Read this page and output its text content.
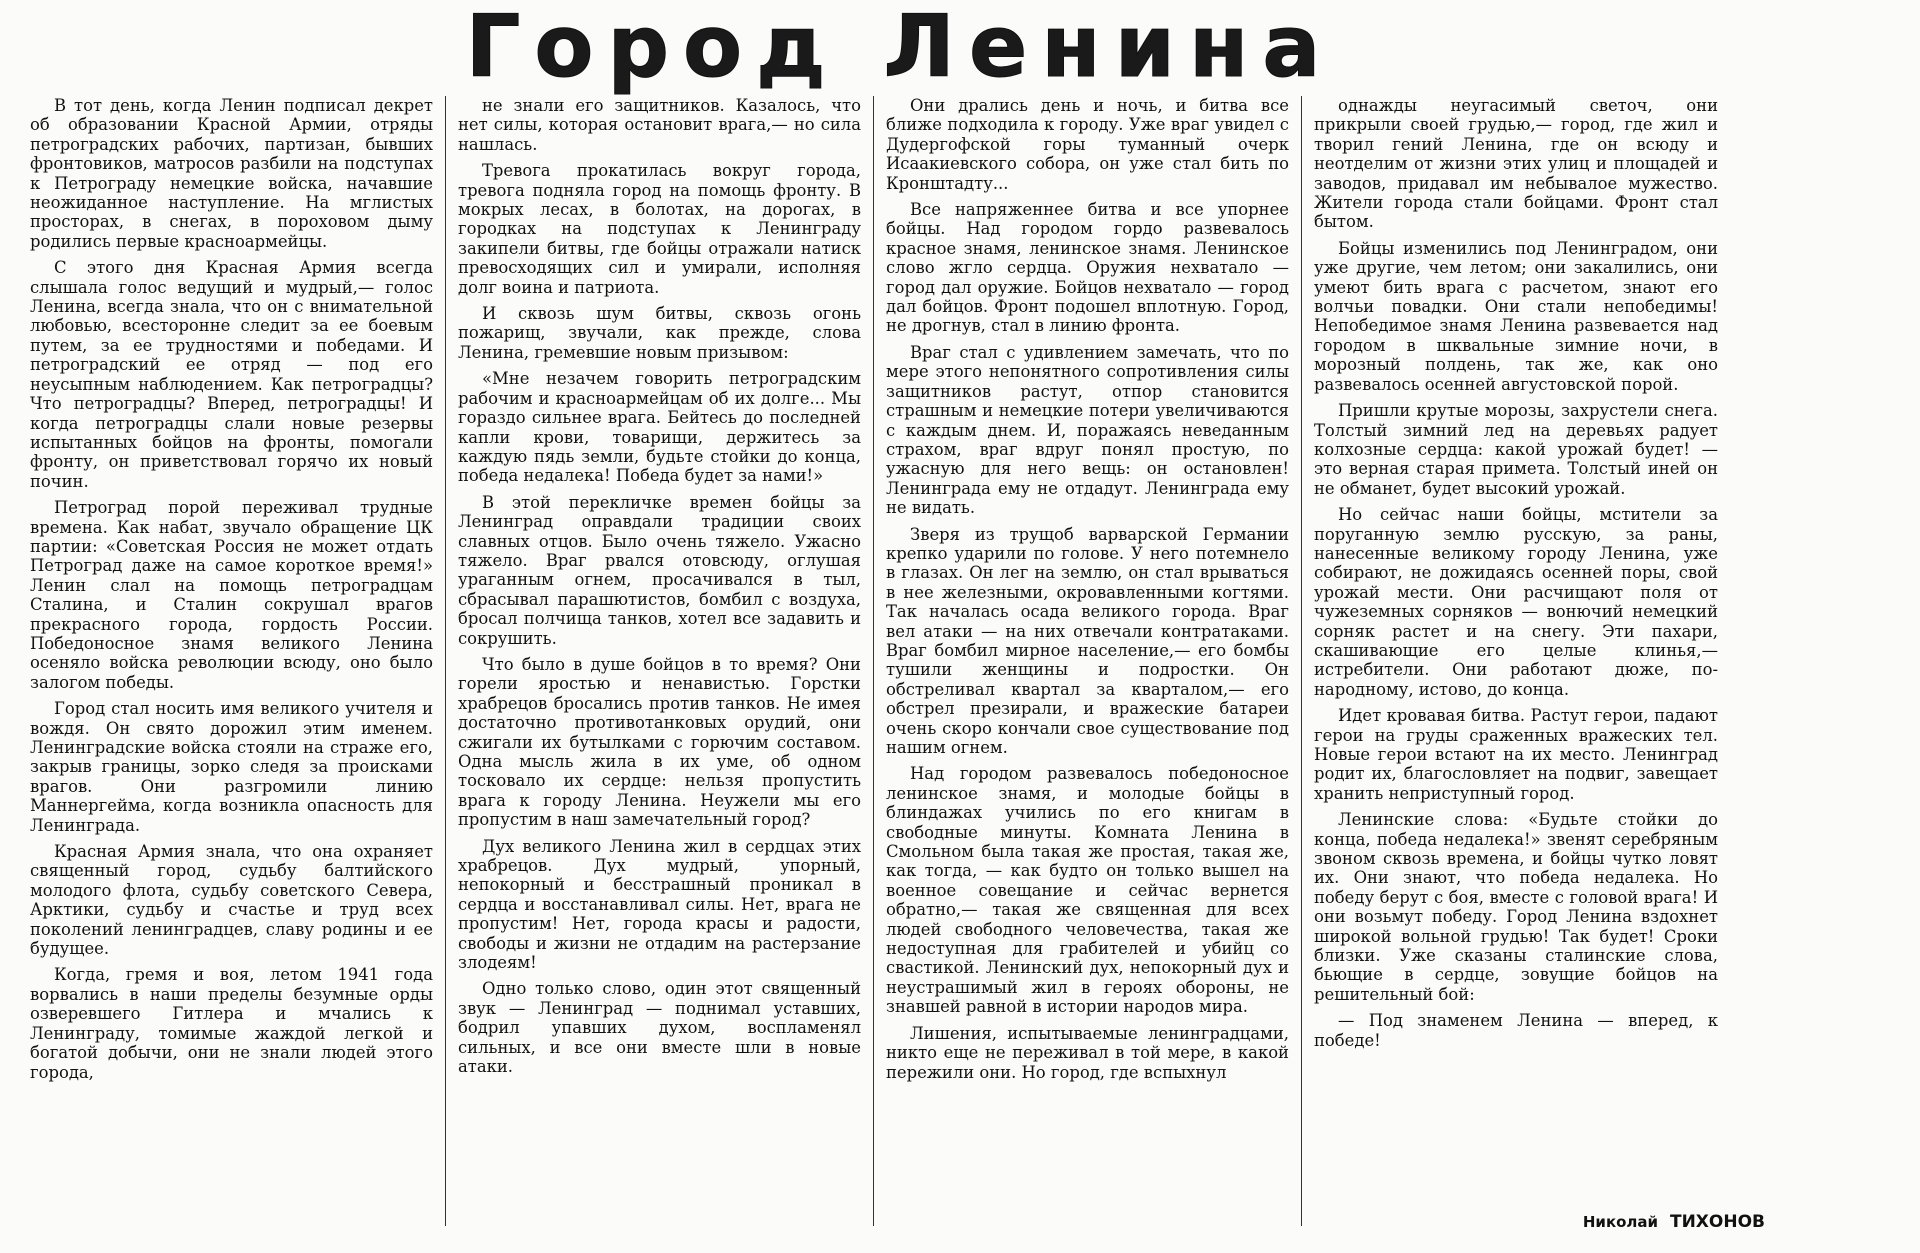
Город Ленина

В тот день, когда Ленин подписал декрет об образовании Красной Армии, отряды петроградских рабочих, партизан, бывших фронтовиков, матросов разбили на подступах к Петрограду немецкие войска, начавшие неожиданное наступление. На мглистых просторах, в снегах, в пороховом дыму родились первые красноармейцы.

С этого дня Красная Армия всегда слышала голос ведущий и мудрый,— голос Ленина, всегда знала, что он с внимательной любовью, всесторонне следит за ее боевым путем, за ее трудностями и победами. И петроградский ее отряд — под его неусыпным наблюдением. Как петроградцы? Что петроградцы? Вперед, петроградцы! И когда петроградцы слали новые резервы испытанных бойцов на фронты, помогали фронту, он приветствовал горячо их новый почин.

Петроград порой переживал трудные времена. Как набат, звучало обращение ЦК партии: «Советская Россия не может отдать Петроград даже на самое короткое время!» Ленин слал на помощь петроградцам Сталина, и Сталин сокрушал врагов прекрасного города, гордость России. Победоносное знамя великого Ленина осеняло войска революции всюду, оно было залогом победы.

Город стал носить имя великого учителя и вождя. Он свято дорожил этим именем. Ленинградские войска стояли на страже его, закрыв границы, зорко следя за происками врагов. Они разгромили линию Маннергейма, когда возникла опасность для Ленинграда.

Красная Армия знала, что она охраняет священный город, судьбу балтийского молодого флота, судьбу советского Севера, Арктики, судьбу и счастье и труд всех поколений ленинградцев, славу родины и ее будущее.

Когда, гремя и воя, летом 1941 года ворвались в наши пределы безумные орды озверевшего Гитлера и мчались к Ленинграду, томимые жаждой легкой и богатой добычи, они не знали людей этого города,

не знали его защитников. Казалось, что нет силы, которая остановит врага,— но сила нашлась.

Тревога прокатилась вокруг города, тревога подняла город на помощь фронту. В мокрых лесах, в болотах, на дорогах, в городках на подступах к Ленинграду закипели битвы, где бойцы отражали натиск превосходящих сил и умирали, исполняя долг воина и патриота.

И сквозь шум битвы, сквозь огонь пожарищ, звучали, как прежде, слова Ленина, гремевшие новым призывом:

«Мне незачем говорить петроградским рабочим и красноармейцам об их долге... Мы гораздо сильнее врага. Бейтесь до последней капли крови, товарищи, держитесь за каждую пядь земли, будьте стойки до конца, победа недалека! Победа будет за нами!»

В этой перекличке времен бойцы за Ленинград оправдали традиции своих славных отцов. Было очень тяжело. Ужасно тяжело. Враг рвался отовсюду, оглушая ураганным огнем, просачивался в тыл, сбрасывал парашютистов, бомбил с воздуха, бросал полчища танков, хотел все задавить и сокрушить.

Что было в душе бойцов в то время? Они горели яростью и ненавистью. Горстки храбрецов бросались против танков. Не имея достаточно противотанковых орудий, они сжигали их бутылками с горючим составом. Одна мысль жила в их уме, об одном тосковало их сердце: нельзя пропустить врага к городу Ленина. Неужели мы его пропустим в наш замечательный город?

Дух великого Ленина жил в сердцах этих храбрецов. Дух мудрый, упорный, непокорный и бесстрашный проникал в сердца и восстанавливал силы. Нет, врага не пропустим! Нет, города красы и радости, свободы и жизни не отдадим на растерзание злодеям!

Одно только слово, один этот священный звук — Ленинград — поднимал уставших, бодрил упавших духом, воспламенял сильных, и все они вместе шли в новые атаки.

Они дрались день и ночь, и битва все ближе подходила к городу. Уже враг увидел с Дудергофской горы туманный очерк Исаакиевского собора, он уже стал бить по Кронштадту...

Все напряженнее битва и все упорнее бойцы. Над городом гордо развевалось красное знамя, ленинское знамя. Ленинское слово жгло сердца. Оружия нехватало — город дал оружие. Бойцов нехватало — город дал бойцов. Фронт подошел вплотную. Город, не дрогнув, стал в линию фронта.

Враг стал с удивлением замечать, что по мере этого непонятного сопротивления силы защитников растут, отпор становится страшным и немецкие потери увеличиваются с каждым днем. И, поражаясь неведанным страхом, враг вдруг понял простую, по ужасную для него вещь: он остановлен! Ленинграда ему не отдадут. Ленинграда ему не видать.

Зверя из трущоб варварской Германии крепко ударили по голове. У него потемнело в глазах. Он лег на землю, он стал врываться в нее железными, окровавленными когтями. Так началась осада великого города. Враг вел атаки — на них отвечали контратаками. Враг бомбил мирное население,— его бомбы тушили женщины и подростки. Он обстреливал квартал за кварталом,— его обстрел презирали, и вражеские батареи очень скоро кончали свое существование под нашим огнем.

Над городом развевалось победоносное ленинское знамя, и молодые бойцы в блиндажах учились по его книгам в свободные минуты. Комната Ленина в Смольном была такая же простая, такая же, как тогда, — как будто он только вышел на военное совещание и сейчас вернется обратно,— такая же священная для всех людей свободного человечества, такая же недоступная для грабителей и убийц со свастикой. Ленинский дух, непокорный дух и неустрашимый жил в героях обороны, не знавшей равной в истории народов мира.

Лишения, испытываемые ленинградцами, никто еще не переживал в той мере, в какой пережили они. Но город, где вспыхнул

однажды неугасимый светоч, они прикрыли своей грудью,— город, где жил и творил гений Ленина, где он всюду и неотделим от жизни этих улиц и площадей и заводов, придавал им небывалое мужество. Жители города стали бойцами. Фронт стал бытом.

Бойцы изменились под Ленинградом, они уже другие, чем летом; они закалились, они умеют бить врага с расчетом, знают его волчьи повадки. Они стали непобедимы! Непобедимое знамя Ленина развевается над городом в шквальные зимние ночи, в морозный полдень, так же, как оно развевалось осенней августовской порой.

Пришли крутые морозы, захрустели снега. Толстый зимний лед на деревьях радует колхозные сердца: какой урожай будет! — это верная старая примета. Толстый иней он не обманет, будет высокий урожай.

Но сейчас наши бойцы, мстители за поруганную землю русскую, за раны, нанесенные великому городу Ленина, уже собирают, не дожидаясь осенней поры, свой урожай мести. Они расчищают поля от чужеземных сорняков — вонючий немецкий сорняк растет и на снегу. Эти пахари, скашивающие его целые клинья,— истребители. Они работают дюже, по-народному, истово, до конца.

Идет кровавая битва. Растут герои, падают герои на груды сраженных вражеских тел. Новые герои встают на их место. Ленинград родит их, благословляет на подвиг, завещает хранить неприступный город.

Ленинские слова: «Будьте стойки до конца, победа недалека!» звенят серебряным звоном сквозь времена, и бойцы чутко ловят их. Они знают, что победа недалека. Но победу берут с боя, вместе с головой врага! И они возьмут победу. Город Ленина вздохнет широкой вольной грудью! Так будет! Сроки близки. Уже сказаны сталинские слова, бьющие в сердце, зовущие бойцов на решительный бой:

— Под знаменем Ленина — вперед, к победе!

Николай ТИХОНОВ
